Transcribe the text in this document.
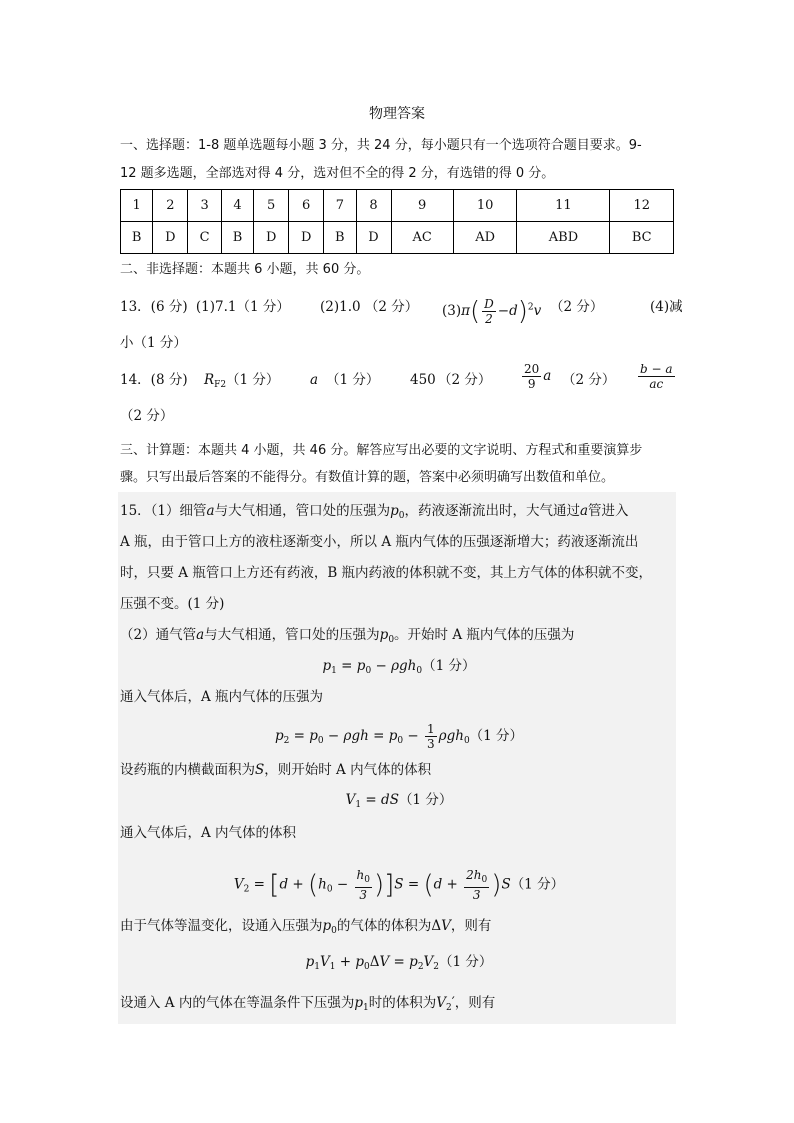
物理答案
一、选择题：1-8 题单选题每小题 3 分，共 24 分，每小题只有一个选项符合题目要求。9-
12 题多选题，全部选对得 4 分，选对但不全的得 2 分，有选错的得 0 分。
1	2	3	4	5	6	7	8	9	10	11	12
B	D	C	B	D	D	B	D	AC	AD	ABD	BC
二、非选择题：本题共 6 小题，共 60 分。
13．(6 分) (1)7.1（1 分） (2)1.0 （2 分） $(3)\pi( \frac{D}{2} -d)^2v$ （2 分）	(4)减
小（1 分）
14．(8 分) $R_{F2}$ （1 分） a （1 分） 450 （2 分）	$\frac{20}{9}$ a （2 分） $\frac{b - a}{ac}$
（2 分）
三、计算题：本题共 4 小题，共 46 分。解答应写出必要的文字说明、方程式和重要演算步
骤。只写出最后答案的不能得分。有数值计算的题，答案中必须明确写出数值和单位。
15．（1）细管a与大气相通，管口处的压强为$p_0$，药液逐渐流出时，大气通过a管进入
A 瓶，由于管口上方的液柱逐渐变小，所以 A 瓶内气体的压强逐渐增大；药液逐渐流出
时，只要 A 瓶管口上方还有药液，B 瓶内药液的体积就不变，其上方气体的体积就不变，
压强不变。(1 分)
（2）通气管a与大气相通，管口处的压强为$p_0$。开始时 A 瓶内气体的压强为
$p_1 = p_0 - \rho gh_0(1$ 分）
通入气体后，A 瓶内气体的压强为
$p_2 = p_0 - \rho gh = p_0 - \frac{1}{3} \rho gh_0(1$ 分）
设药瓶的内横截面积为S，则开始时 A 内气体的体积
$V_1 = dS(1$ 分）
通入气体后，A 内气体的体积
$V_2 = [d + (h_0 - \frac{h_0}{3} )]S = (d + \frac{2h_0}{3} )S(1$ 分）
由于气体等温变化，设通入压强为$p_0$的气体的体积为ΔV，则有
$p_1V_1 + p_0\Delta V = p_2V_2(1$ 分）
设通入 A 内的气体在等温条件下压强为$p_1$时的体积为$V_2'$，则有
